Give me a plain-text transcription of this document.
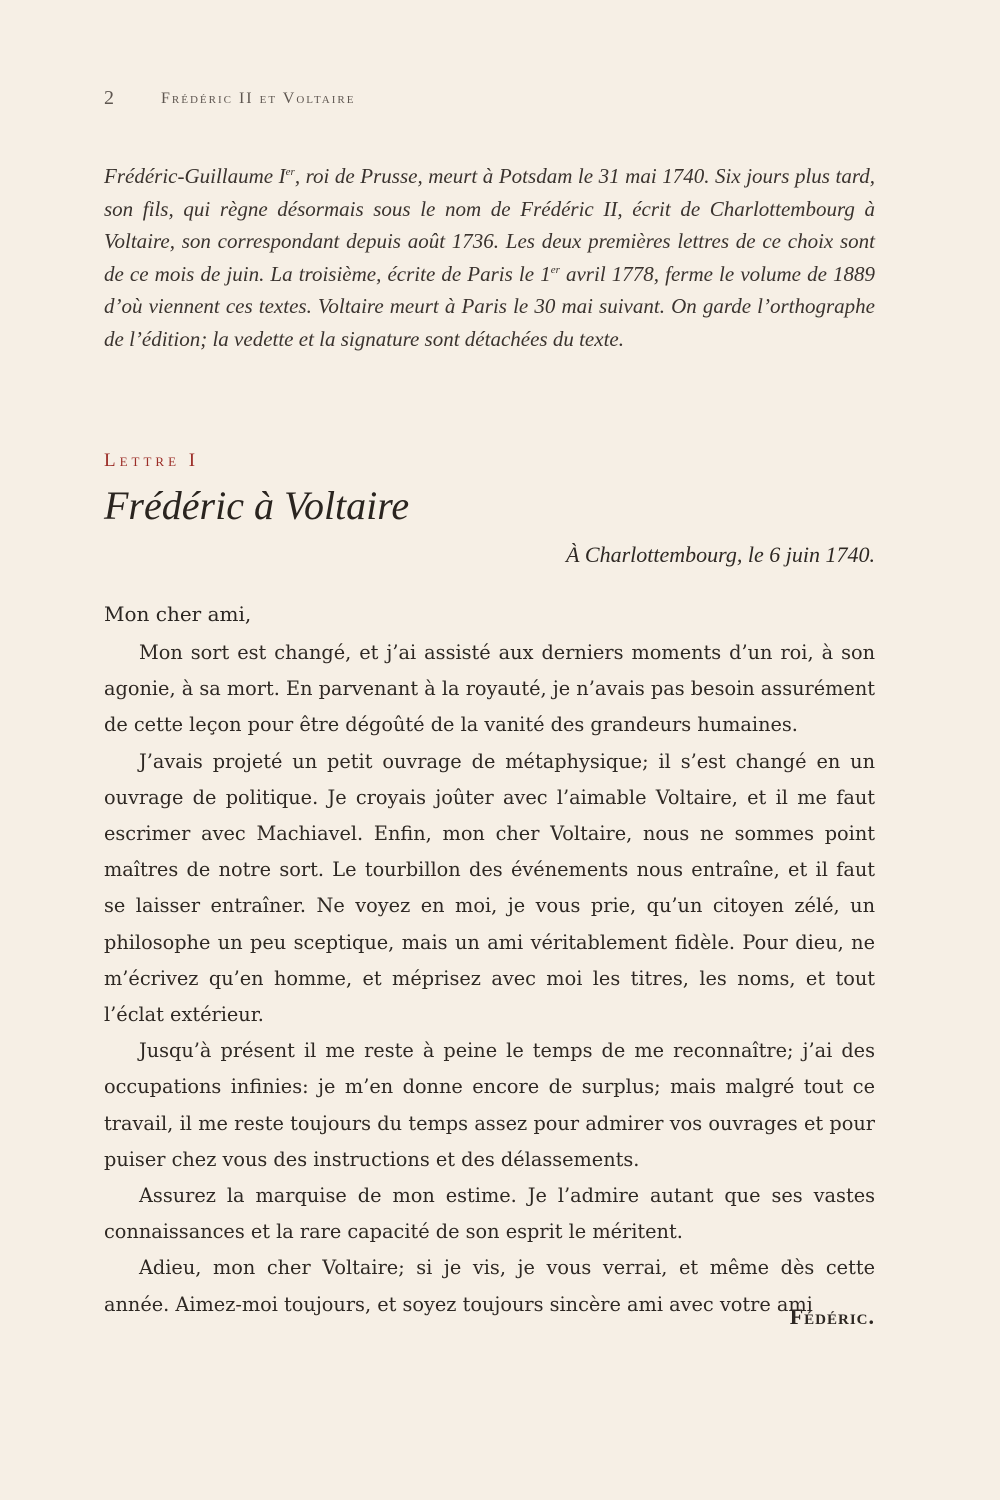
2	Frédéric II et Voltaire

Frédéric-Guillaume Ier, roi de Prusse, meurt à Potsdam le 31 mai 1740. Six jours plus tard, son fils, qui règne désormais sous le nom de Frédéric II, écrit de Charlottembourg à Voltaire, son correspondant depuis août 1736. Les deux premières lettres de ce choix sont de ce mois de juin. La troisième, écrite de Paris le 1er avril 1778, ferme le volume de 1889 d’où viennent ces textes. Voltaire meurt à Paris le 30 mai suivant. On garde l’orthographe de l’édition; la vedette et la signature sont détachées du texte.

Lettre I
Frédéric à Voltaire
À Charlottembourg, le 6 juin 1740.

Mon cher ami,

Mon sort est changé, et j’ai assisté aux derniers moments d’un roi, à son agonie, à sa mort. En parvenant à la royauté, je n’avais pas besoin assurément de cette leçon pour être dégoûté de la vanité des grandeurs humaines.

J’avais projeté un petit ouvrage de métaphysique; il s’est changé en un ouvrage de politique. Je croyais joûter avec l’aimable Voltaire, et il me faut escrimer avec Machiavel. Enfin, mon cher Voltaire, nous ne sommes point maîtres de notre sort. Le tourbillon des événements nous entraîne, et il faut se laisser entraîner. Ne voyez en moi, je vous prie, qu’un citoyen zélé, un philosophe un peu sceptique, mais un ami véritablement fidèle. Pour dieu, ne m’écrivez qu’en homme, et méprisez avec moi les titres, les noms, et tout l’éclat extérieur.

Jusqu’à présent il me reste à peine le temps de me reconnaître; j’ai des occupations infinies: je m’en donne encore de surplus; mais malgré tout ce travail, il me reste toujours du temps assez pour admirer vos ouvrages et pour puiser chez vous des instructions et des délassements.

Assurez la marquise de mon estime. Je l’admire autant que ses vastes connaissances et la rare capacité de son esprit le méritent.

Adieu, mon cher Voltaire; si je vis, je vous verrai, et même dès cette année. Aimez-moi toujours, et soyez toujours sincère ami avec votre ami

Fédéric.
